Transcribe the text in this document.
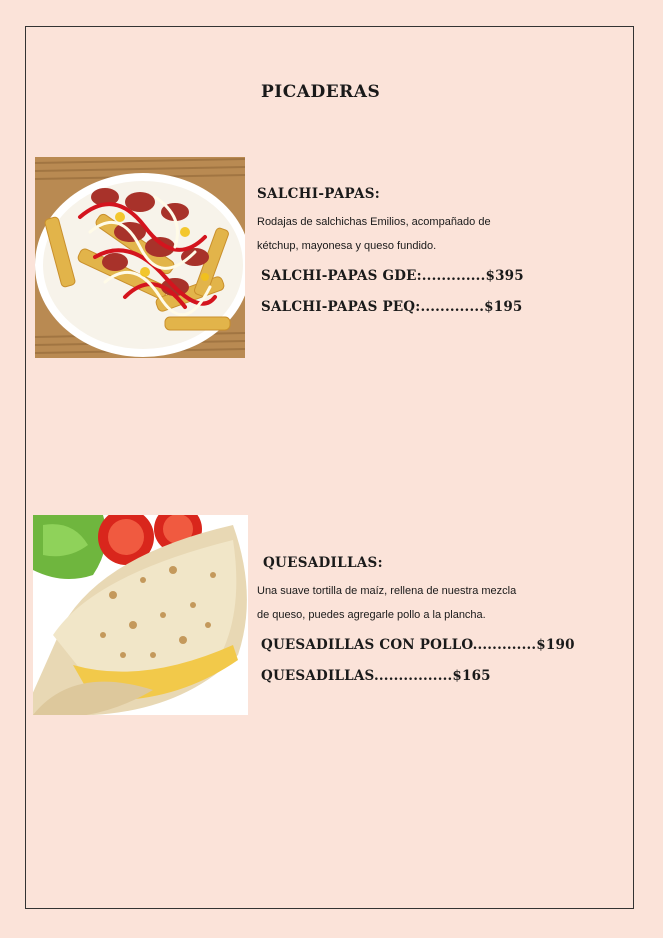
PICADERAS
SALCHI-PAPAS:
Rodajas de salchichas Emilios, acompañado de
kétchup, mayonesa y queso fundido.
SALCHI-PAPAS GDE:.............$395
SALCHI-PAPAS PEQ:.............$195
QUESADILLAS:
Una suave tortilla de maíz, rellena de nuestra mezcla
de queso, puedes agregarle pollo a la plancha.
QUESADILLAS CON POLLO.............$190
QUESADILLAS................$165
